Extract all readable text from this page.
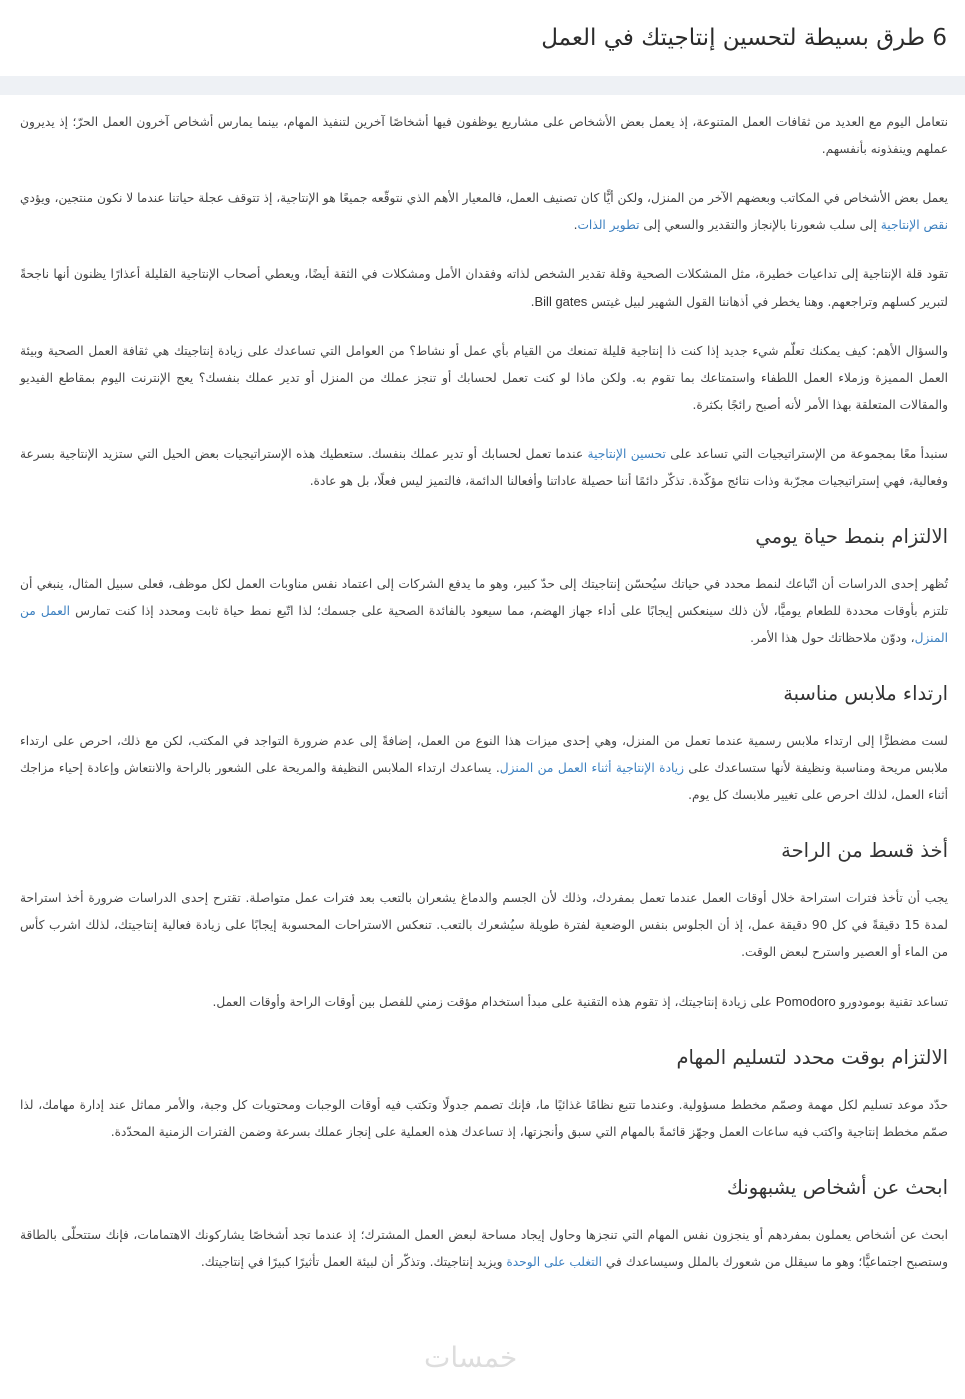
6 طرق بسيطة لتحسين إنتاجيتك في العمل

نتعامل اليوم مع العديد من ثقافات العمل المتنوعة، إذ يعمل بعض الأشخاص على مشاريع يوظفون فيها أشخاصًا آخرين لتنفيذ المهام، بينما يمارس أشخاص آخرون العمل الحرّ؛ إذ يديرون عملهم وينفذونه بأنفسهم.

يعمل بعض الأشخاص في المكاتب وبعضهم الآخر من المنزل، ولكن أيًّا كان تصنيف العمل، فالمعيار الأهم الذي نتوقّعه جميعًا هو الإنتاجية، إذ تتوقف عجلة حياتنا عندما لا نكون منتجين، ويؤدي نقص الإنتاجية إلى سلب شعورنا بالإنجاز والتقدير والسعي إلى تطوير الذات.

تقود قلة الإنتاجية إلى تداعيات خطيرة، مثل المشكلات الصحية وقلة تقدير الشخص لذاته وفقدان الأمل ومشكلات في الثقة أيضًا، ويعطي أصحاب الإنتاجية القليلة أعذارًا يظنون أنها ناجحةً لتبرير كسلهم وتراجعهم. وهنا يخطر في أذهاننا القول الشهير لبيل غيتس Bill gates.

والسؤال الأهم: كيف يمكنك تعلّم شيء جديد إذا كنت ذا إنتاجية قليلة تمنعك من القيام بأي عمل أو نشاط؟ من العوامل التي تساعدك على زيادة إنتاجيتك هي ثقافة العمل الصحية وبيئة العمل المميزة وزملاء العمل اللطفاء واستمتاعك بما تقوم به. ولكن ماذا لو كنت تعمل لحسابك أو تنجز عملك من المنزل أو تدير عملك بنفسك؟ يعج الإنترنت اليوم بمقاطع الفيديو والمقالات المتعلقة بهذا الأمر لأنه أصبح رائجًا بكثرة.

سنبدأ معًا بمجموعة من الإستراتيجيات التي تساعد على تحسين الإنتاجية عندما تعمل لحسابك أو تدير عملك بنفسك. ستعطيك هذه الإستراتيجيات بعض الحيل التي ستزيد الإنتاجية بسرعة وفعالية، فهي إستراتيجيات مجرّبة وذات نتائج مؤكّدة. تذكّر دائمًا أننا حصيلة عاداتنا وأفعالنا الدائمة، فالتميز ليس فعلًا، بل هو عادة.

الالتزام بنمط حياة يومي

تُظهر إحدى الدراسات أن اتّباعك لنمط محدد في حياتك سيُحسّن إنتاجيتك إلى حدّ كبير، وهو ما يدفع الشركات إلى اعتماد نفس مناوبات العمل لكل موظف، فعلى سبيل المثال، ينبغي أن تلتزم بأوقات محددة للطعام يوميًّا، لأن ذلك سينعكس إيجابًا على أداء جهاز الهضم، مما سيعود بالفائدة الصحية على جسمك؛ لذا اتّبع نمط حياة ثابت ومحدد إذا كنت تمارس العمل من المنزل، ودوّن ملاحظاتك حول هذا الأمر.

ارتداء ملابس مناسبة

لست مضطرًّا إلى ارتداء ملابس رسمية عندما تعمل من المنزل، وهي إحدى ميزات هذا النوع من العمل، إضافةً إلى عدم ضرورة التواجد في المكتب، لكن مع ذلك، احرص على ارتداء ملابس مريحة ومناسبة ونظيفة لأنها ستساعدك على زيادة الإنتاجية أثناء العمل من المنزل. يساعدك ارتداء الملابس النظيفة والمريحة على الشعور بالراحة والانتعاش وإعادة إحياء مزاجك أثناء العمل، لذلك احرص على تغيير ملابسك كل يوم.

أخذ قسط من الراحة

يجب أن تأخذ فترات استراحة خلال أوقات العمل عندما تعمل بمفردك، وذلك لأن الجسم والدماغ يشعران بالتعب بعد فترات عمل متواصلة. تقترح إحدى الدراسات ضرورة أخذ استراحة لمدة 15 دقيقةً في كل 90 دقيقة عمل، إذ أن الجلوس بنفس الوضعية لفترة طويلة سيُشعرك بالتعب. تنعكس الاستراحات المحسوبة إيجابًا على زيادة فعالية إنتاجيتك، لذلك اشرب كأس من الماء أو العصير واسترح لبعض الوقت.

تساعد تقنية بومودورو Pomodoro على زيادة إنتاجيتك، إذ تقوم هذه التقنية على مبدأ استخدام مؤقت زمني للفصل بين أوقات الراحة وأوقات العمل.

الالتزام بوقت محدد لتسليم المهام

حدّد موعد تسليم لكل مهمة وصمّم مخطط مسؤولية. وعندما تتبع نظامًا غذائيًا ما، فإنك تصمم جدولًا وتكتب فيه أوقات الوجبات ومحتويات كل وجبة، والأمر مماثل عند إدارة مهامك، لذا صمّم مخطط إنتاجية واكتب فيه ساعات العمل وجهّز قائمةً بالمهام التي سبق وأنجزتها، إذ تساعدك هذه العملية على إنجاز عملك بسرعة وضمن الفترات الزمنية المحدّدة.

ابحث عن أشخاص يشبهونك

ابحث عن أشخاص يعملون بمفردهم أو ينجزون نفس المهام التي تنجزها وحاول إيجاد مساحة لبعض العمل المشترك؛ إذ عندما تجد أشخاصًا يشاركونك الاهتمامات، فإنك ستتحلّى بالطاقة وستصبح اجتماعيًّا؛ وهو ما سيقلل من شعورك بالملل وسيساعدك في التغلب على الوحدة ويزيد إنتاجيتك. وتذكّر أن لبيئة العمل تأثيرًا كبيرًا في إنتاجيتك.

خمسات
